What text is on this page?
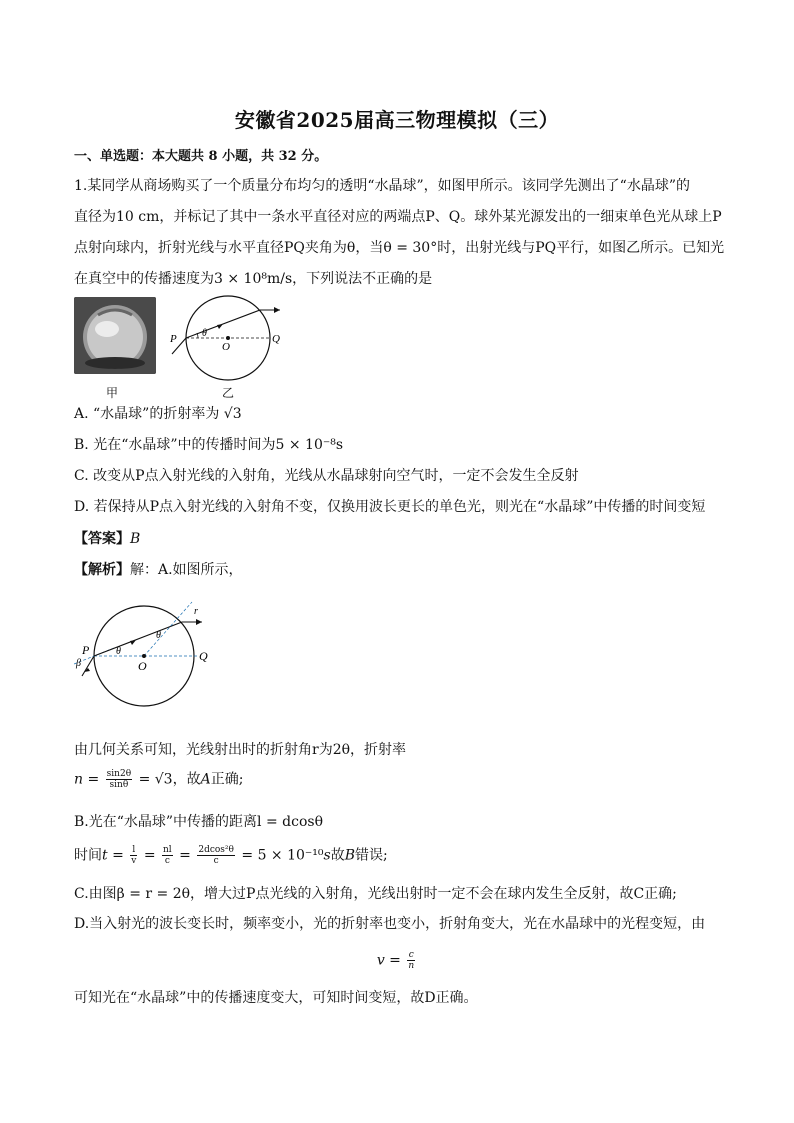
安徽省2025届高三物理模拟（三）
一、单选题：本大题共 8 小题，共 32 分。
1.某同学从商场购买了一个质量分布均匀的透明“水晶球”，如图甲所示。该同学先测出了“水晶球”的
直径为10 cm，并标记了其中一条水平直径对应的两端点P、Q。球外某光源发出的一细束单色光从球上P
点射向球内，折射光线与水平直径PQ夹角为θ，当θ = 30°时，出射光线与PQ平行，如图乙所示。已知光
在真空中的传播速度为3 × 10⁸m/s，下列说法不正确的是
甲
P	Q
O
θ
乙
A. “水晶球”的折射率为 √3
B. 光在“水晶球”中的传播时间为5 × 10⁻⁸s
C. 改变从P点入射光线的入射角，光线从水晶球射向空气时，一定不会发生全反射
D. 若保持从P点入射光线的入射角不变，仅换用波长更长的单色光，则光在“水晶球”中传播的时间变短
【答案】B
【解析】解：A.如图所示，
P	Q
O
θ
θ
β
r
由几何关系可知，光线射出时的折射角r为2θ，折射率
$n = \frac{\sin 2\theta}{\sin\theta} = √3$，故A正确;
B.光在“水晶球”中传播的距离l = dcosθ
时间$t = \frac{l}{v} = \frac{nl}{c} = \frac{\text{2dcos²θ}}{c} = 5 \times 10^{-10}s$故B错误;
C.由图β = r = 2θ，增大过P点光线的入射角，光线出射时一定不会在球内发生全反射，故C正确;
D.当入射光的波长变长时，频率变小，光的折射率也变小，折射角变大，光在水晶球中的光程变短，由
$v = \frac{c}{n}$
可知光在“水晶球”中的传播速度变大，可知时间变短，故D正确。
